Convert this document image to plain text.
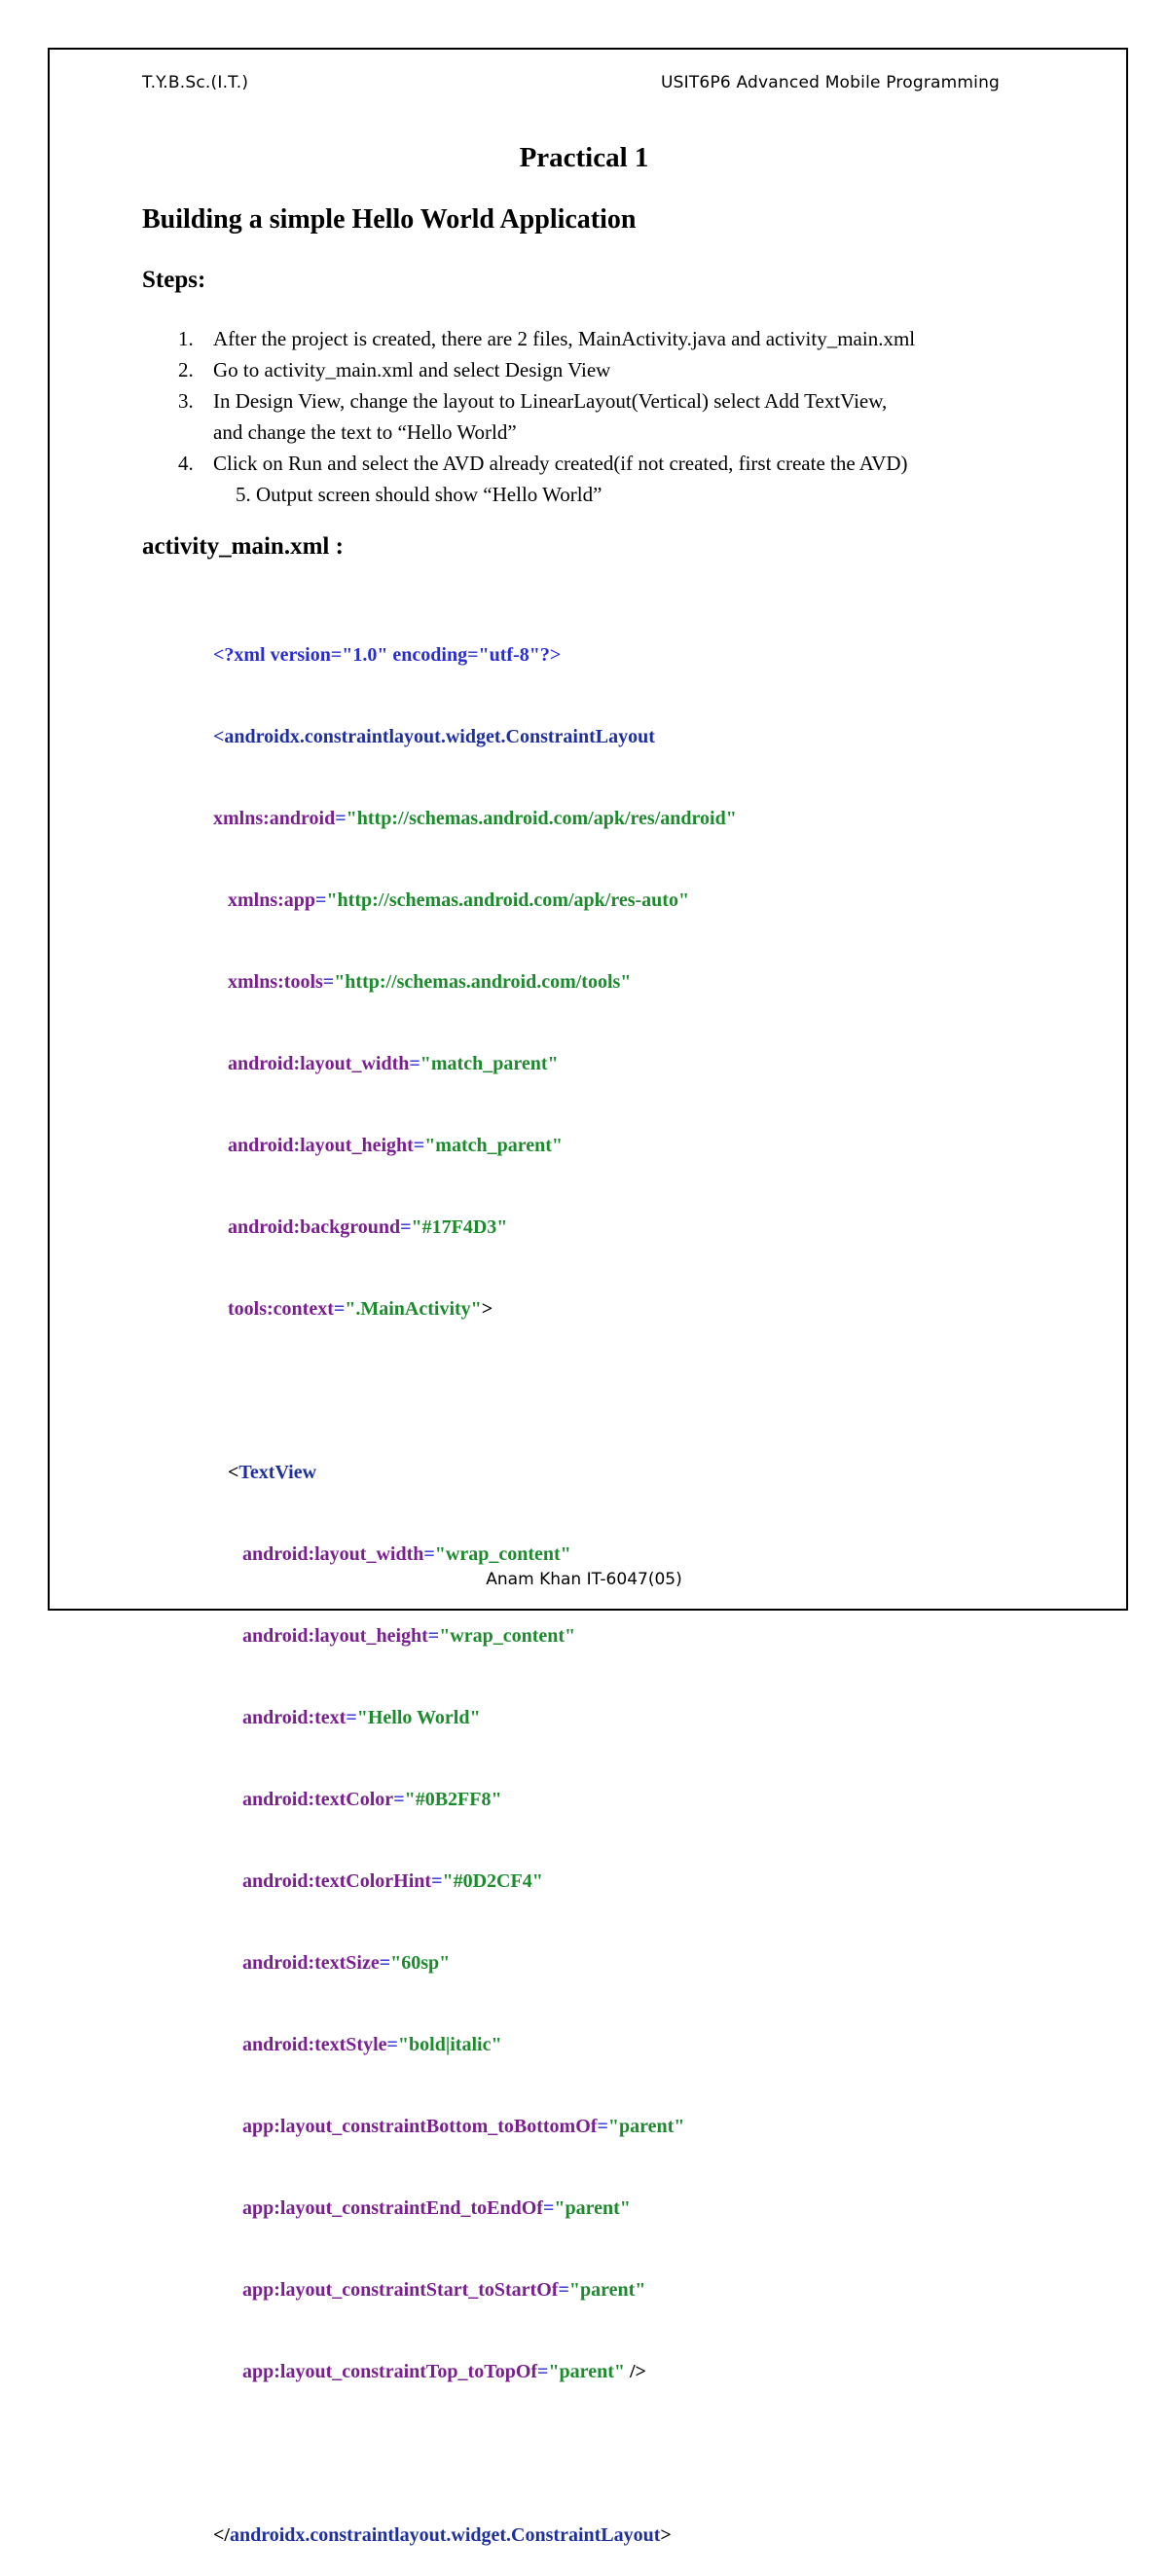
T.Y.B.Sc.(I.T.)	USIT6P6 Advanced Mobile Programming
Practical 1
Building a simple Hello World Application
Steps:
1. After the project is created, there are 2 files, MainActivity.java and activity_main.xml
2. Go to activity_main.xml and select Design View
3. In Design View, change the layout to LinearLayout(Vertical) select Add TextView,
and change the text to “Hello World”
4. Click on Run and select the AVD already created(if not created, first create the AVD)
5. Output screen should show “Hello World”
activity_main.xml :

<?xml version="1.0" encoding="utf-8"?>

<androidx.constraintlayout.widget.ConstraintLayout

xmlns:android="http://schemas.android.com/apk/res/android"

xmlns:app="http://schemas.android.com/apk/res-auto"

xmlns:tools="http://schemas.android.com/tools"

android:layout_width="match_parent"

android:layout_height="match_parent"

android:background="#17F4D3"

tools:context=".MainActivity">

<TextView

android:layout_width="wrap_content"

android:layout_height="wrap_content"

android:text="Hello World"

android:textColor="#0B2FF8"

android:textColorHint="#0D2CF4"

android:textSize="60sp"

android:textStyle="bold|italic"

app:layout_constraintBottom_toBottomOf="parent"

app:layout_constraintEnd_toEndOf="parent"

app:layout_constraintStart_toStartOf="parent"

app:layout_constraintTop_toTopOf="parent" />

</androidx.constraintlayout.widget.ConstraintLayout>

Anam Khan IT-6047(05)
